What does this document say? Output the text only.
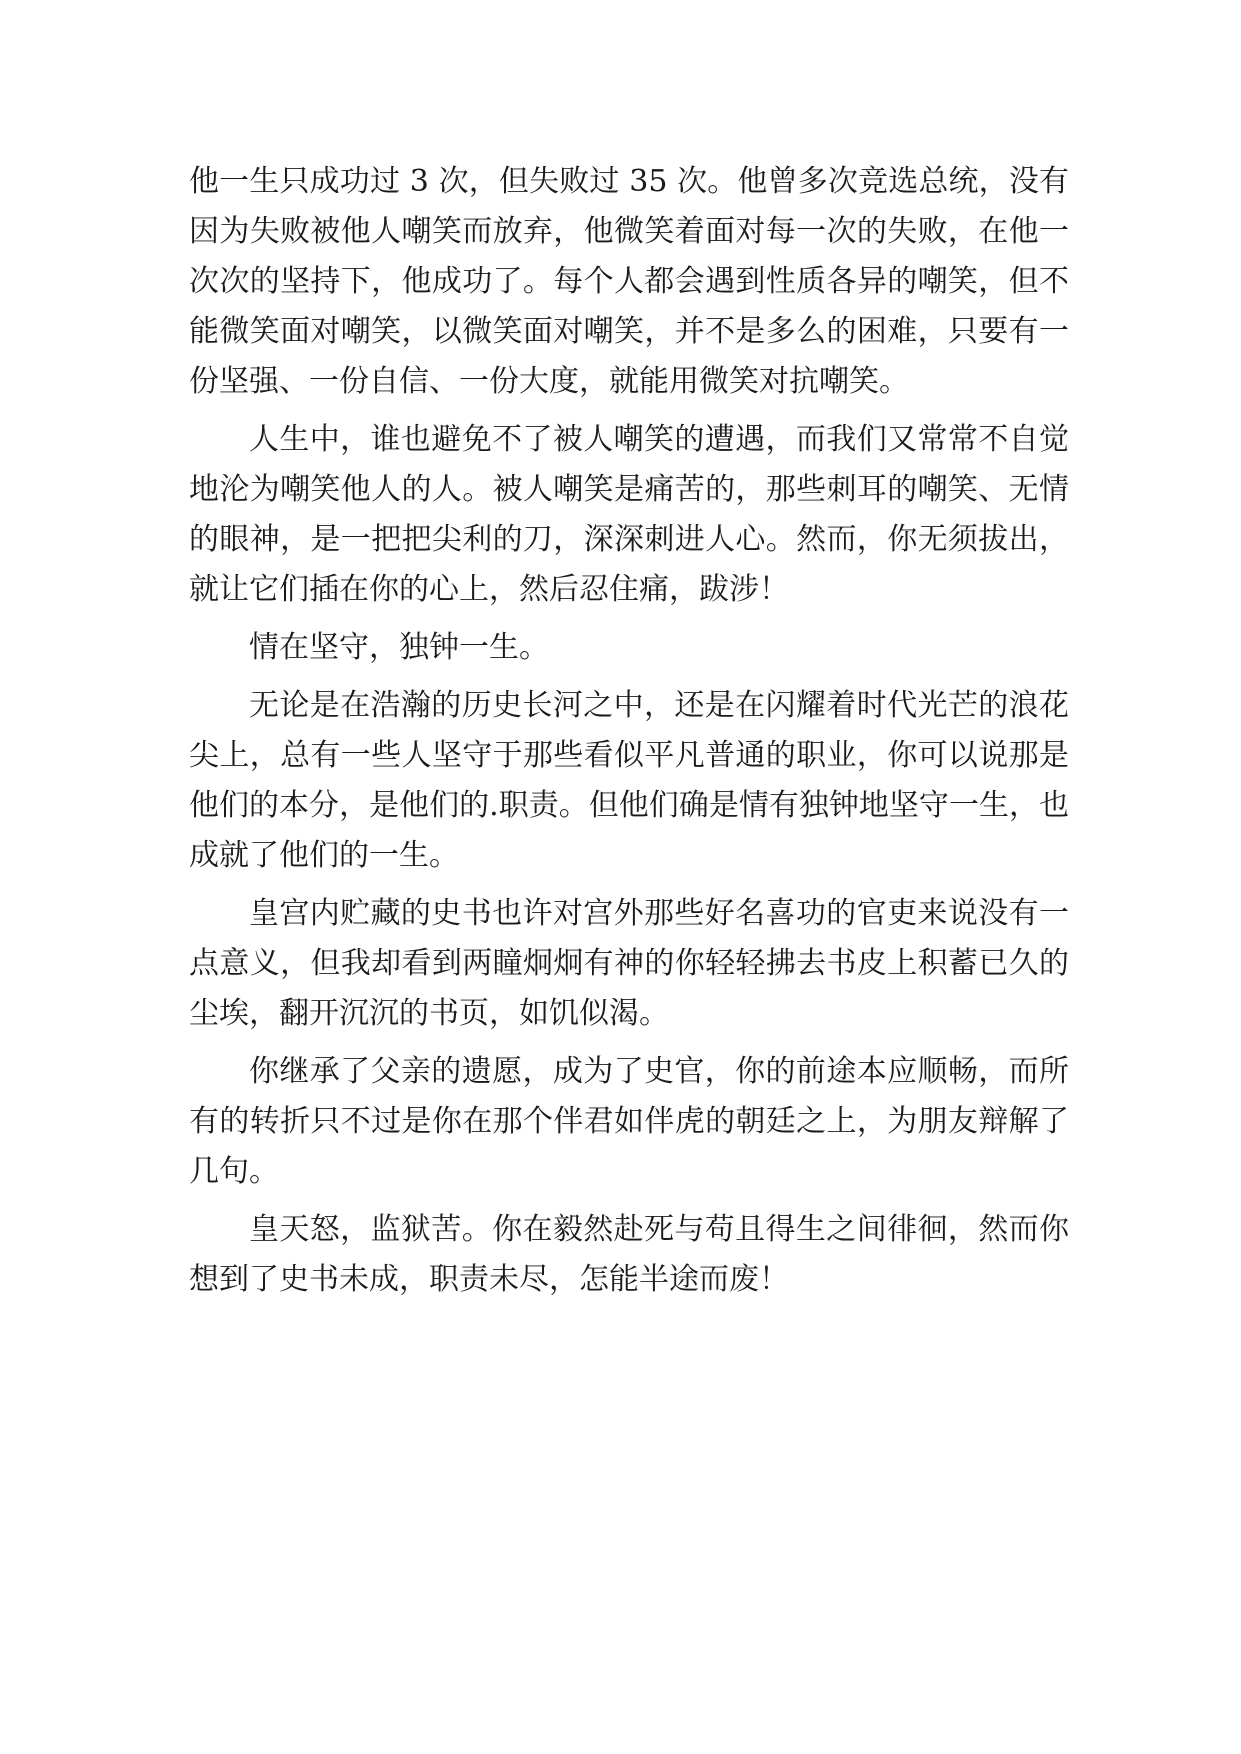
他一生只成功过 3 次，但失败过 35 次。他曾多次竞选总统，没有因为失败被他人嘲笑而放弃，他微笑着面对每一次的失败，在他一次次的坚持下，他成功了。每个人都会遇到性质各异的嘲笑，但不能微笑面对嘲笑，以微笑面对嘲笑，并不是多么的困难，只要有一份坚强、一份自信、一份大度，就能用微笑对抗嘲笑。

人生中，谁也避免不了被人嘲笑的遭遇，而我们又常常不自觉地沦为嘲笑他人的人。被人嘲笑是痛苦的，那些刺耳的嘲笑、无情的眼神，是一把把尖利的刀，深深刺进人心。然而，你无须拔出，就让它们插在你的心上，然后忍住痛，跋涉！

情在坚守，独钟一生。

无论是在浩瀚的历史长河之中，还是在闪耀着时代光芒的浪花尖上，总有一些人坚守于那些看似平凡普通的职业，你可以说那是他们的本分，是他们的.职责。但他们确是情有独钟地坚守一生，也成就了他们的一生。

皇宫内贮藏的史书也许对宫外那些好名喜功的官吏来说没有一点意义，但我却看到两瞳炯炯有神的你轻轻拂去书皮上积蓄已久的尘埃，翻开沉沉的书页，如饥似渴。

你继承了父亲的遗愿，成为了史官，你的前途本应顺畅，而所有的转折只不过是你在那个伴君如伴虎的朝廷之上，为朋友辩解了几句。

皇天怒，监狱苦。你在毅然赴死与苟且得生之间徘徊，然而你想到了史书未成，职责未尽，怎能半途而废！
